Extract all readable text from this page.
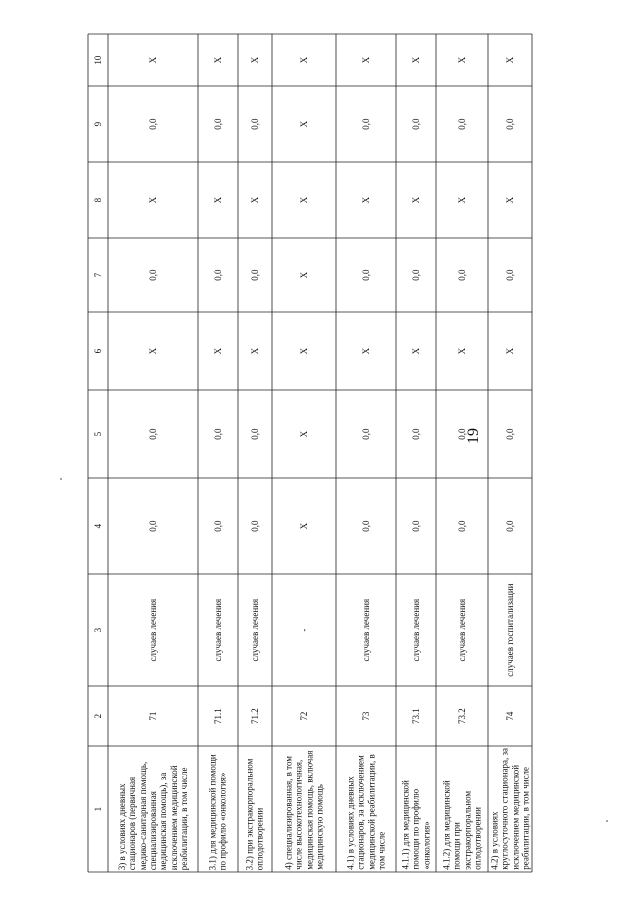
19
1
2
3
4
5
6
7
8
9
10
3) в условиях дневных стационаров (первичная медико-санитарная помощь, специализированная медицинская помощь), за исключением медицинской реабилитации, в том числе
71
случаев лечения
0,0
0,0
Х
0,0
Х
0,0
Х
3.1) для медицинской помощи по профилю «онкология»
71.1
случаев лечения
0,0
0,0
Х
0,0
Х
0,0
Х
3.2) при экстракорпоральном оплодотворении
71.2
случаев лечения
0,0
0,0
Х
0,0
Х
0,0
Х
4) специализированная, в том числе высокотехнологичная, медицинская помощь, включая медицинскую помощь
72
-
Х
Х
Х
Х
Х
Х
Х
4.1) в условиях дневных стационаров, за исключением медицинской реабилитации, в том числе
73
случаев лечения
0,0
0,0
Х
0,0
Х
0,0
Х
4.1.1) для медицинской помощи по профилю «онкология»
73.1
случаев лечения
0,0
0,0
Х
0,0
Х
0,0
Х
4.1.2) для медицинской помощи при экстракорпоральном оплодотворении
73.2
случаев лечения
0,0
0,0
Х
0,0
Х
0,0
Х
4.2) в условиях круглосуточного стационара, за исключением медицинской реабилитации, в том числе
74
случаев госпитализации
0,0
0,0
Х
0,0
Х
0,0
Х
